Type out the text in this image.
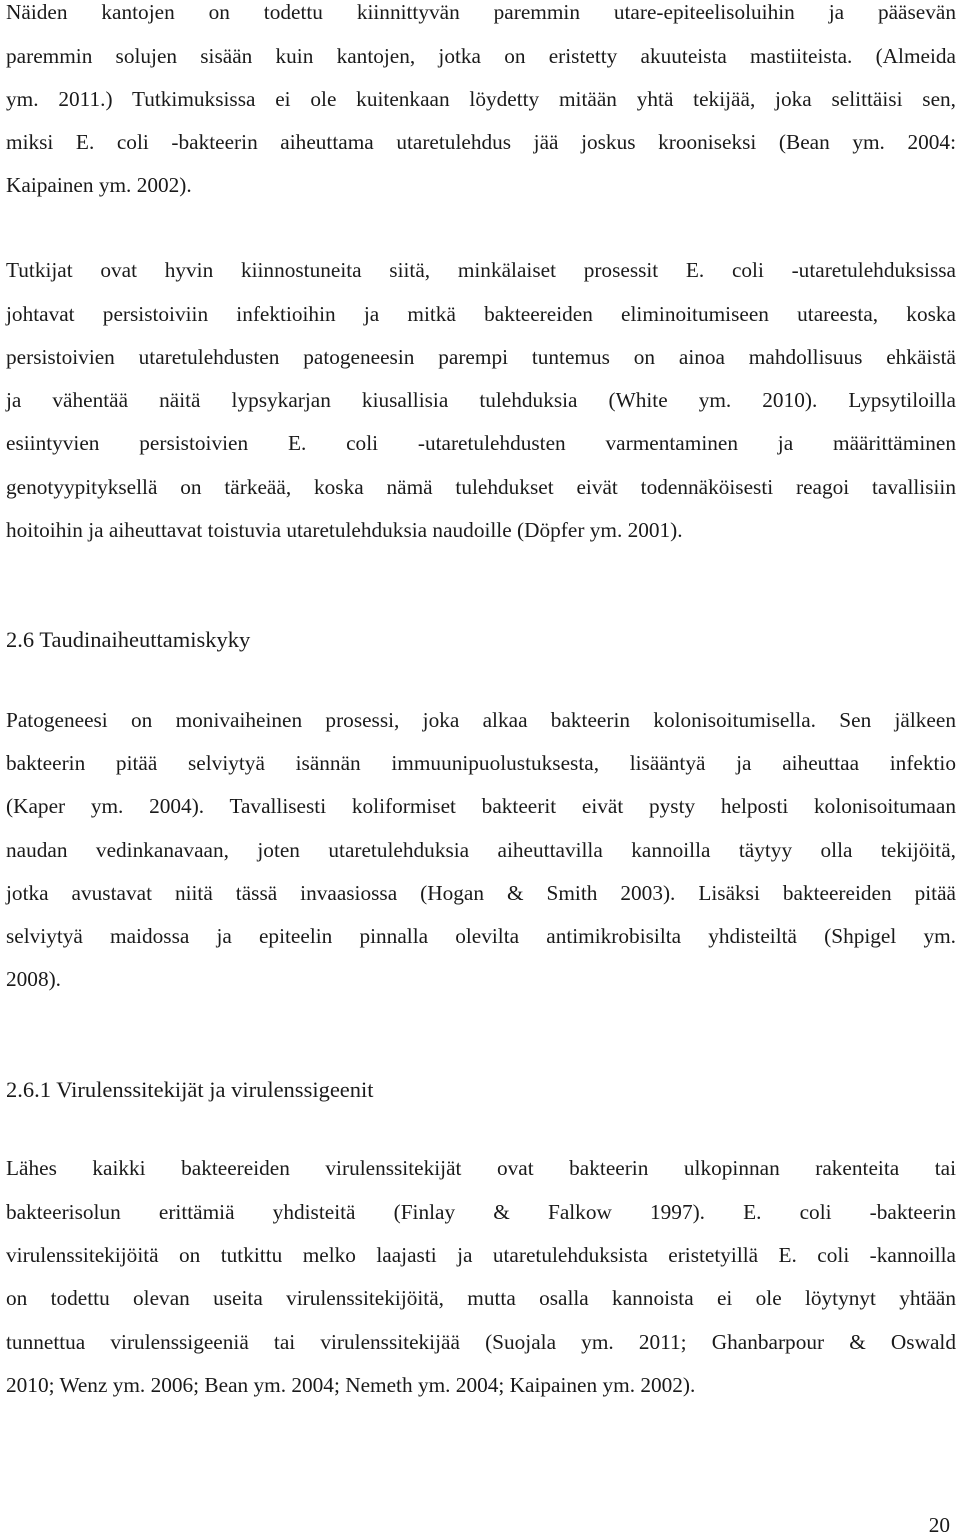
Näiden kantojen on todettu kiinnittyvän paremmin utare-epiteelisoluihin ja pääsevän
paremmin solujen sisään kuin kantojen, jotka on eristetty akuuteista mastiiteista. (Almeida
ym. 2011.) Tutkimuksissa ei ole kuitenkaan löydetty mitään yhtä tekijää, joka selittäisi sen,
miksi E. coli -bakteerin aiheuttama utaretulehdus jää joskus krooniseksi (Bean ym. 2004:
Kaipainen ym. 2002).
Tutkijat ovat hyvin kiinnostuneita siitä, minkälaiset prosessit E. coli -utaretulehduksissa
johtavat persistoiviin infektioihin ja mitkä bakteereiden eliminoitumiseen utareesta, koska
persistoivien utaretulehdusten patogeneesin parempi tuntemus on ainoa mahdollisuus ehkäistä
ja vähentää näitä lypsykarjan kiusallisia tulehduksia (White ym. 2010). Lypsytiloilla
esiintyvien persistoivien E. coli -utaretulehdusten varmentaminen ja määrittäminen
genotyypityksellä on tärkeää, koska nämä tulehdukset eivät todennäköisesti reagoi tavallisiin
hoitoihin ja aiheuttavat toistuvia utaretulehduksia naudoille (Döpfer ym. 2001).
2.6 Taudinaiheuttamiskyky
Patogeneesi on monivaiheinen prosessi, joka alkaa bakteerin kolonisoitumisella. Sen jälkeen
bakteerin pitää selviytyä isännän immuunipuolustuksesta, lisääntyä ja aiheuttaa infektio
(Kaper ym. 2004). Tavallisesti koliformiset bakteerit eivät pysty helposti kolonisoitumaan
naudan vedinkanavaan, joten utaretulehduksia aiheuttavilla kannoilla täytyy olla tekijöitä,
jotka avustavat niitä tässä invaasiossa (Hogan & Smith 2003). Lisäksi bakteereiden pitää
selviytyä maidossa ja epiteelin pinnalla olevilta antimikrobisilta yhdisteiltä (Shpigel ym.
2008).
2.6.1 Virulenssitekijät ja virulenssigeenit
Lähes kaikki bakteereiden virulenssitekijät ovat bakteerin ulkopinnan rakenteita tai
bakteerisolun erittämiä yhdisteitä (Finlay & Falkow 1997). E. coli -bakteerin
virulenssitekijöitä on tutkittu melko laajasti ja utaretulehduksista eristetyillä E. coli -kannoilla
on todettu olevan useita virulenssitekijöitä, mutta osalla kannoista ei ole löytynyt yhtään
tunnettua virulenssigeeniä tai virulenssitekijää (Suojala ym. 2011; Ghanbarpour & Oswald
2010; Wenz ym. 2006; Bean ym. 2004; Nemeth ym. 2004; Kaipainen ym. 2002).
20
